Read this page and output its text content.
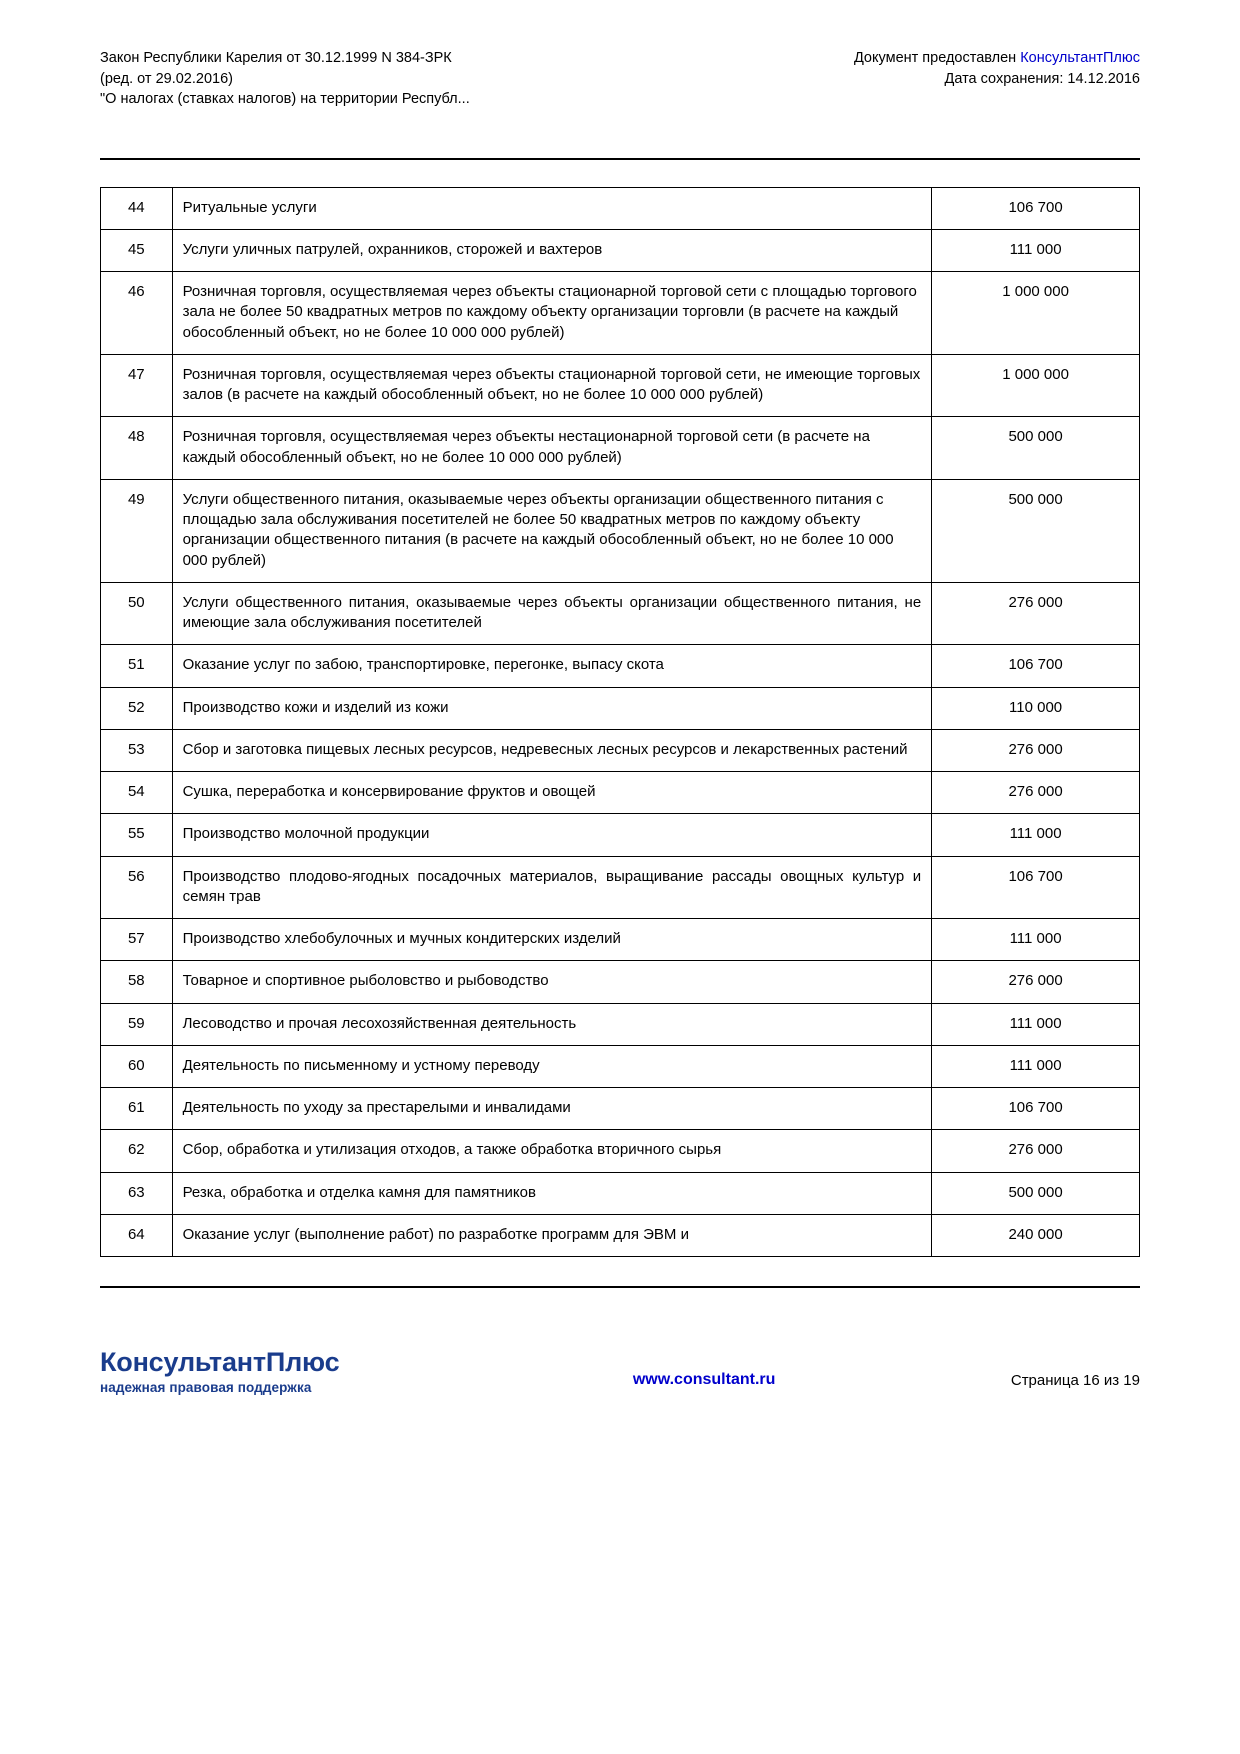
Закон Республики Карелия от 30.12.1999 N 384-ЗРК
(ред. от 29.02.2016)
"О налогах (ставках налогов) на территории Республ...
Документ предоставлен КонсультантПлюс
Дата сохранения: 14.12.2016
44	Ритуальные услуги	106 700
45	Услуги уличных патрулей, охранников, сторожей и вахтеров	111 000
46	Розничная торговля, осуществляемая через объекты стационарной торговой сети с площадью торгового зала не более 50 квадратных метров по каждому объекту организации торговли (в расчете на каждый обособленный объект, но не более 10 000 000 рублей)	1 000 000
47	Розничная торговля, осуществляемая через объекты стационарной торговой сети, не имеющие торговых залов (в расчете на каждый обособленный объект, но не более 10 000 000 рублей)	1 000 000
48	Розничная торговля, осуществляемая через объекты нестационарной торговой сети (в расчете на каждый обособленный объект, но не более 10 000 000 рублей)	500 000
49	Услуги общественного питания, оказываемые через объекты организации общественного питания с площадью зала обслуживания посетителей не более 50 квадратных метров по каждому объекту организации общественного питания (в расчете на каждый обособленный объект, но не более 10 000 000 рублей)	500 000
50	Услуги общественного питания, оказываемые через объекты организации общественного питания, не имеющие зала обслуживания посетителей	276 000
51	Оказание услуг по забою, транспортировке, перегонке, выпасу скота	106 700
52	Производство кожи и изделий из кожи	110 000
53	Сбор и заготовка пищевых лесных ресурсов, недревесных лесных ресурсов и лекарственных растений	276 000
54	Сушка, переработка и консервирование фруктов и овощей	276 000
55	Производство молочной продукции	111 000
56	Производство плодово-ягодных посадочных материалов, выращивание рассады овощных культур и семян трав	106 700
57	Производство хлебобулочных и мучных кондитерских изделий	111 000
58	Товарное и спортивное рыболовство и рыбоводство	276 000
59	Лесоводство и прочая лесохозяйственная деятельность	111 000
60	Деятельность по письменному и устному переводу	111 000
61	Деятельность по уходу за престарелыми и инвалидами	106 700
62	Сбор, обработка и утилизация отходов, а также обработка вторичного сырья	276 000
63	Резка, обработка и отделка камня для памятников	500 000
64	Оказание услуг (выполнение работ) по разработке программ для ЭВМ и	240 000
КонсультантПлюс
надежная правовая поддержка	www.consultant.ru	Страница 16 из 19
